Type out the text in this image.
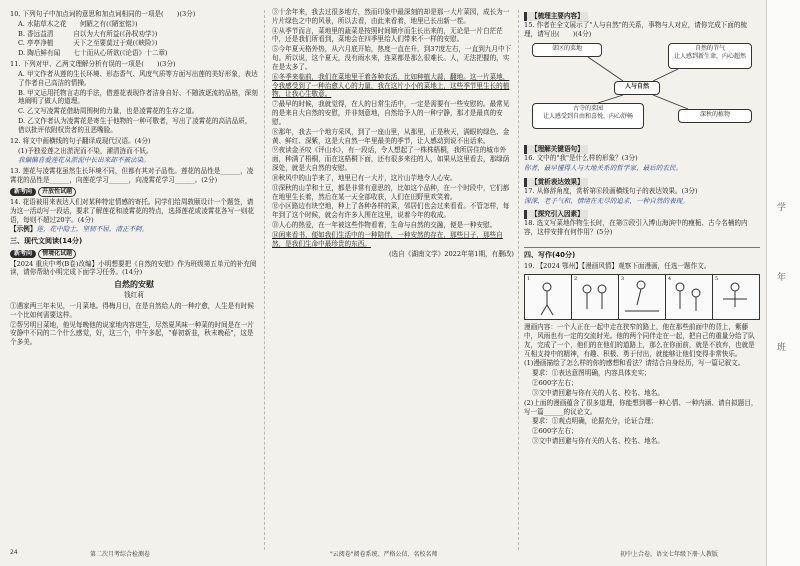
10. 下列句子中加点词的意思和加点词相同的一项是(　　)(3分)

A. 水陆草木之花　　何陋之有(《陋室铭》)

B. 香远益清　　　自以为大有所益(《孙权劝学》)

C. 亭亭净植　　　天下之至要莫过于观(《峡险》)

D. 陶后鲜有闻　　七十而从心所欲(《论语》十二章)

11. 下列对甲、乙两文理解分析有误的一项是(　　)(3分)

A. 甲文作者从莲的生长环境、形态香气、风度气质等方面写出莲的美好形象，表达了作者自己高洁的情操。

B. 甲文运用托物言志的手法，借莲花表现作者洁身自好、不随波逐流的品格，深刻地阐明了做人的道理。

C. 乙文写凌霄花借助周围树的力量，也是凌霄花的生存之道。

D. 乙文作者认为凌霄花是寄生于他物的一种可敬者，写出了凌霄花的高洁品质，借以批评依附权贵者的丑恶嘴脸。

12. 将文中画横线的句子翻译成现代汉语。(4分)

(1)予独爱莲之出淤泥而不染，濯清涟而不妖。

我偏偏喜爱莲花从淤泥中长出来却不被沾染。

13. 莲花与凌霄花虽然生长环境不同，但都有其对子品性。莲花的品性是______，凌霄花的品性是______，向莲花学习______，向凌霄花学习______。(2分)

新考向 开放性试题

14. 花语被用来表达人们对某种特定情感的寄托。同学们给周敦颐设计一个题签，请为这一活动写一段话，要求了解莲花和凌霄花的特点，选择莲花或凌霄花各写一则花语，每则不超过20字。(4分)

【示例】莲，花中隐士，坚韧不屈，清正不阿。

三、现代文阅读(14分)

新考向 情境化试题

【2024 重庆中考(B卷)改编】小明想要把《自然的安慰》作为班级第五单元的补充阅读，请你帮助小明完成下面学习任务。(14分)

自然的安慰
钱红莉

①遇家两三年未见，一月菜地。得梅月日，在是自然给人的一种疗愈，人生是有时候一个比如何需要这样。

②帮另明日菜地，他见每晚他的说家地内容进生，尽然夏风味一种菜的时间是在一片安静中不同的二个什么感觉，好，这三个，中午多起，"春初新韭，秋末晚菘"，这是个多美。

24	第二次月考综合检测卷

③十余年来，我去过很多地方，然而印象中最深刻的却是那一大片菜园，成长为一片片绿色之中的风景，所以去看，由此来看着，地里已长出新一茬。

④从季节而言，菜地里的蔬菜是按照时间顺序而生长出来的，无论是一片白茫茫中，还是我们所看到，菜地会在四季里给人们带来不一样的安慰。

⑤今年夏天格外热，从六月底开始，热度一直在升，到37度左右，一直到九月中下旬。所以说，这个夏天，没有雨水来，连菜都是那么很难长。人，无法把握的，实在是太多了。

⑥冬季来临前，我们在菜地里干着各种农活，比如种植大蒜，翻地。这一片菜地，令我感受到了一种治愈人心的力量，我在这片小小的菜地上，这些季节里生长的植物，让我心生敬意。

⑦最早的时候，我就觉得，在人的日常生活中，一定是需要有一些安慰的。最常见的是来自大自然的安慰，并非刻意地，自然给予人的一种宁静，那才是最真的安慰。

⑧那年，我去一个地方采风，到了一座山里，从那里，正是秋天，满眼的绿色、金黄、鲜红、深紫，这是大自然一年里最美的季节，让人感动到说不出话来。

⑨夜读金圣叹《评山水》，有一段话，令人想起了一株株梧桐，我所居住的城市外面，种满了梧桐，而在这梧桐下面，还有很多来往的人，如果从这里看去，那绿荫深处，就是大自然的安慰。

⑩秋风中的山芋来了，地里已有一大片，这片山芋地令人心安。

⑪深秋的山芋和土豆，都是非常有意思的，比如这个品种，在一个时段中，它们都在地里生长着，然后在某一天全部收获，人们在田野里欢笑着。

⑫小区路边有块空地，种上了各种各样的菜，邻居们也会过来看看。不管怎样，每年到了这个时候，就会有许多人围在这里，说着今年的收成。

⑬人心的热爱，在一年被这些作物看着，生命与自然的交融，便是一种安慰。

⑭闲来看书，便如我们生活中的一种陪伴，一种安然的存在，那些日子，那些自然，是我们生命中最珍贵的东西。

(选自《湖南文学》2022年第1期，有删改)

"云阅卷"阅卷系统、严格公信、名校名师
【梳理主要内容】

15. 作者在全文展示了"人与自然"的关系，事物与人对应，请你完成下面的梳理，请写出(　　)(4分)

郊区的菜地	自然的节气
让人感到新生命，内心超然
人与自然
古寺的菜园
让人感受到自由和喜悦，内心舒畅	深秋的植物
【理解关键语句】

16. 文中的"我"是什么样的形象？(3分)

你者，最早懂得人与大地关系的哲学家，最后的农民。

【赏析表达效果】

17. 从修辞角度，赏析第⑥段画横线句子的表达效果。(3分)

深深，老子气和，情绪在无尽的追求，一种自然的表现。

【探究引入因素】

18. 选文写菜地作物生长时，在第⑤段引入博山海滨中的瘦栀、古今名楠的内容，这样安排有何作用？(5分)

四、写作(40分)

19. 【2024 鄂州】【漫画风情】观察下面漫画，任选一题作文。

1	2	3	4	5

漫画内容：一个人正在一起中走在狭窄的路上，他在那些前面中的背上，紫藤中，风雨也有一定的交流时光。他的两个同伴走在一起，把自己的重量分给了队友，完成了一个，他们的在他们的道路上，那么在你面前，就是不放弃，也就是互相支持中的精神，有趣、积极、勇于付出，就能够让他们变得非常快乐。

(1)漫画描绘了怎么样的你的感想和看法？请结合自身经历，写一篇记叙文。

要求：①表达意图明确，内容具体充实；

②600字左右；

③文中请回避与你有关的人名、校名、地名。

(2)上面的漫画蕴含了很多道理，你能想到哪一种心情、一种内涵、请自拟题目，写一篇______的议论文。

要求：①观点明确，论据充分，论证合理；

②600字左右；

③文中请回避与你有关的人名、校名、地名。

初中上合卷，语文七年级下册·人教版
学
年
班
